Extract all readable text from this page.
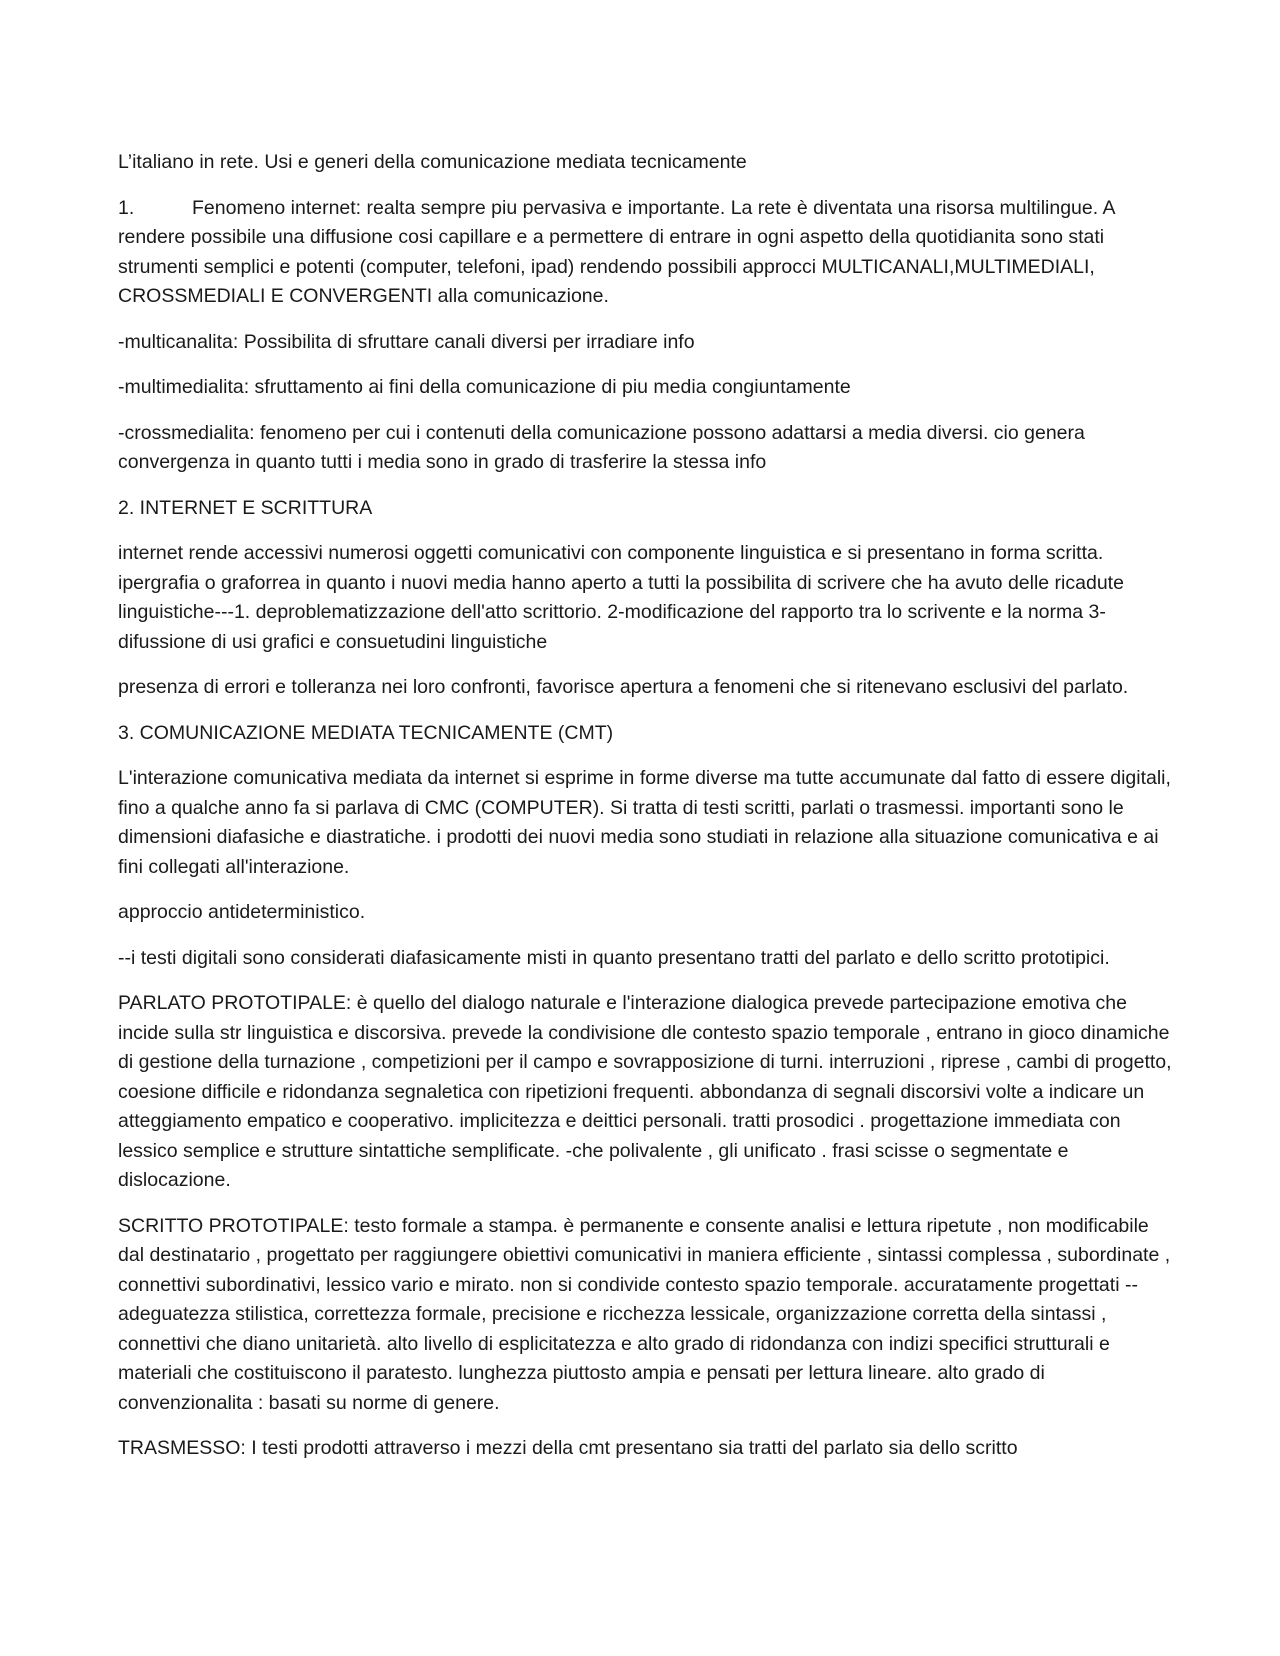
L’italiano in rete. Usi e generi della comunicazione mediata tecnicamente

1.	Fenomeno internet: realta sempre piu pervasiva e importante. La rete è diventata una risorsa multilingue. A rendere possibile una diffusione cosi capillare e a permettere di entrare in ogni aspetto della quotidianita sono stati strumenti semplici e potenti (computer, telefoni, ipad) rendendo possibili approcci MULTICANALI,MULTIMEDIALI, CROSSMEDIALI E CONVERGENTI alla comunicazione.

-multicanalita: Possibilita di sfruttare canali diversi per irradiare info

-multimedialita: sfruttamento ai fini della comunicazione di piu media congiuntamente

-crossmedialita: fenomeno per cui i contenuti della comunicazione possono adattarsi a media diversi. cio genera convergenza in quanto tutti i media sono in grado di trasferire la stessa info

2. INTERNET E SCRITTURA

internet rende accessivi numerosi oggetti comunicativi con componente linguistica e si presentano in forma scritta. ipergrafia o graforrea in quanto i nuovi media hanno aperto a tutti la possibilita di scrivere che ha avuto delle ricadute linguistiche---1. deproblematizzazione dell'atto scrittorio. 2-modificazione del rapporto tra lo scrivente e la norma 3- difussione di usi grafici e consuetudini linguistiche

presenza di errori e tolleranza nei loro confronti, favorisce apertura a fenomeni che si ritenevano esclusivi del parlato.

3. COMUNICAZIONE MEDIATA TECNICAMENTE (CMT)

L'interazione comunicativa mediata da internet si esprime in forme diverse ma tutte accumunate dal fatto di essere digitali, fino a qualche anno fa si parlava di CMC (COMPUTER). Si tratta di testi scritti, parlati o trasmessi. importanti sono le dimensioni diafasiche e diastratiche. i prodotti dei nuovi media sono studiati in relazione alla situazione comunicativa e ai fini collegati all'interazione.

approccio antideterministico.

--i testi digitali sono considerati diafasicamente misti in quanto presentano tratti del parlato e dello scritto prototipici.

PARLATO PROTOTIPALE: è quello del dialogo naturale e l'interazione dialogica prevede partecipazione emotiva che incide sulla str linguistica e discorsiva. prevede la condivisione dle contesto spazio temporale , entrano in gioco dinamiche di gestione della turnazione , competizioni per il campo e sovrapposizione di turni. interruzioni , riprese , cambi di progetto, coesione difficile e ridondanza segnaletica con ripetizioni frequenti. abbondanza di segnali discorsivi volte a indicare un atteggiamento empatico e cooperativo. implicitezza e deittici personali. tratti prosodici . progettazione immediata con lessico semplice e strutture sintattiche semplificate. -che polivalente , gli unificato . frasi scisse o segmentate e dislocazione.

SCRITTO PROTOTIPALE: testo formale a stampa. è permanente e consente analisi e lettura ripetute , non modificabile dal destinatario , progettato per raggiungere obiettivi comunicativi in maniera efficiente , sintassi complessa , subordinate , connettivi subordinativi, lessico vario e mirato. non si condivide contesto spazio temporale. accuratamente progettati --adeguatezza stilistica, correttezza formale, precisione e ricchezza lessicale, organizzazione corretta della sintassi , connettivi che diano unitarietà. alto livello di esplicitatezza e alto grado di ridondanza con indizi specifici strutturali e materiali che costituiscono il paratesto. lunghezza piuttosto ampia e pensati per lettura lineare. alto grado di convenzionalita : basati su norme di genere.

TRASMESSO: I testi prodotti attraverso i mezzi della cmt presentano sia tratti del parlato sia dello scritto
